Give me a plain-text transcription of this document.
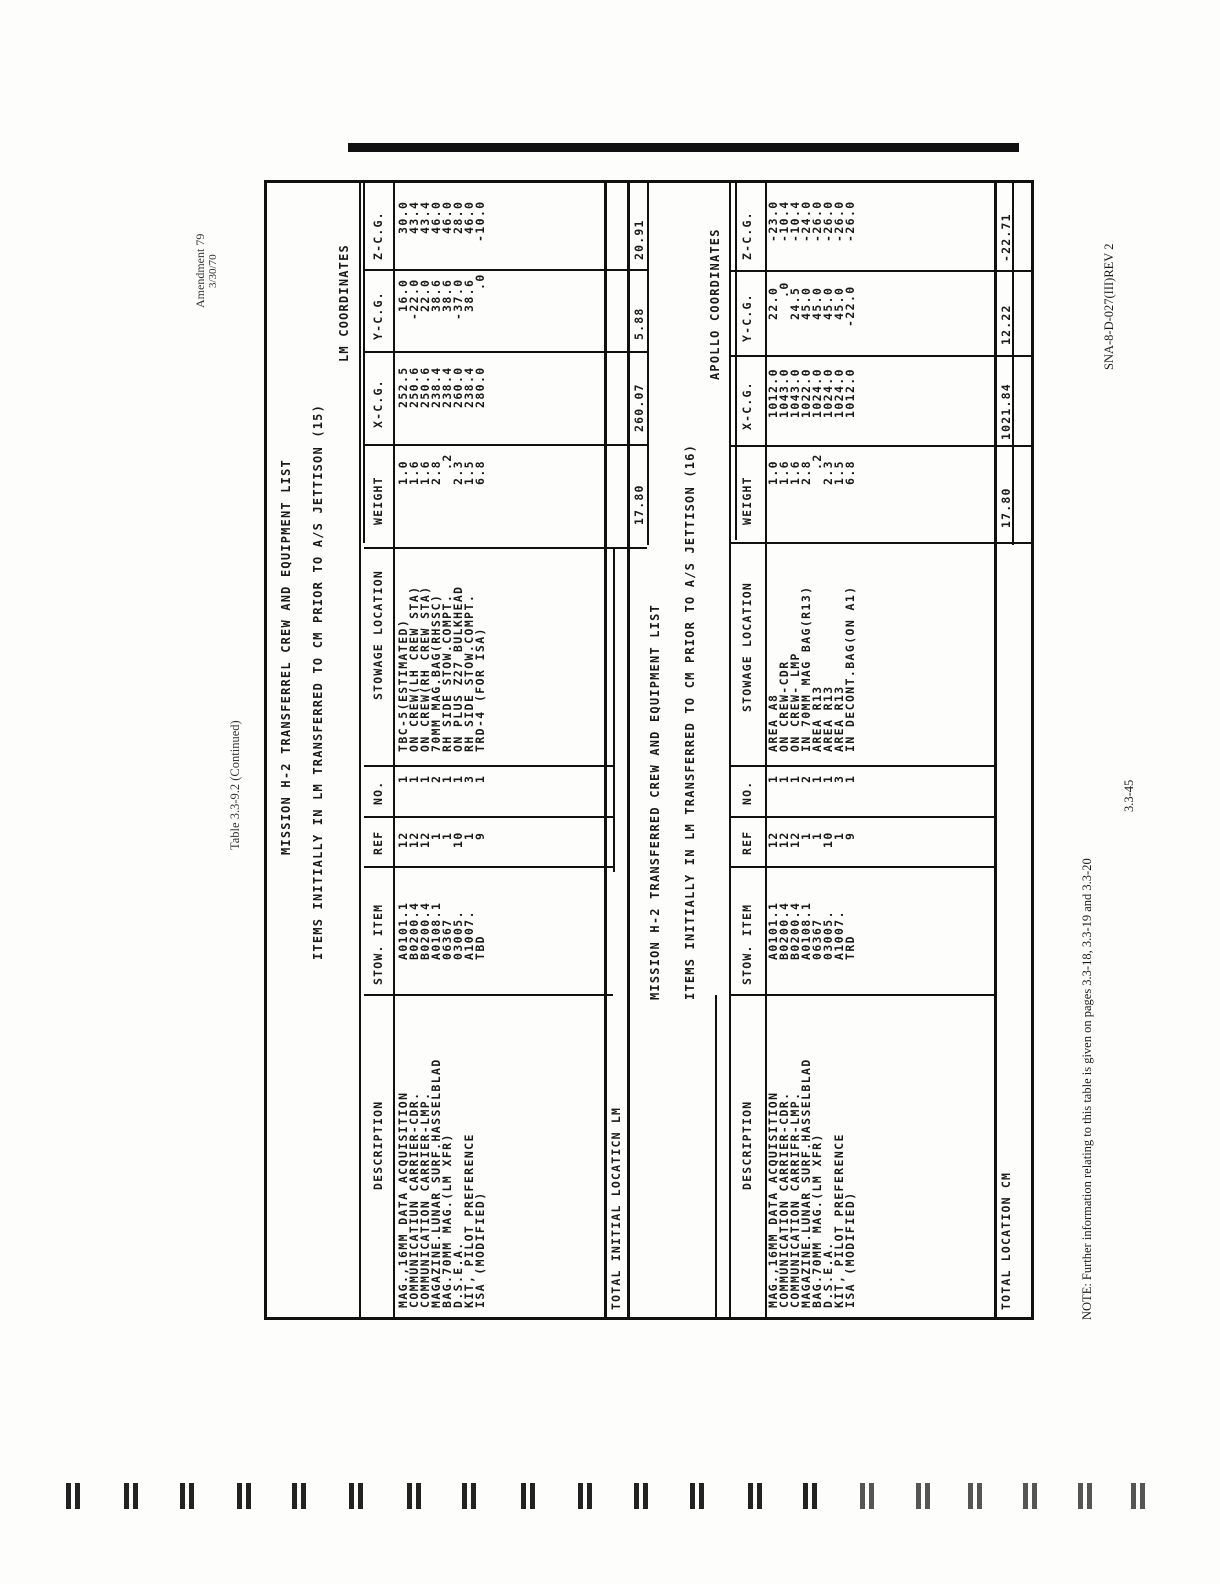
Amendment 79 3/30/70
Table 3.3-9.2 (Continued)
SNA-8-D-027(III)REV 2
3.3-45
NOTE: Further information relating to this table is given on pages 3.3-18, 3.3-19 and 3.3-20
MISSION H-2 TRANSFERREL CREW AND EQUIPMENT LIST ITEMS INITIALLY IN LM TRANSFERRED TO CM PRIOR TO A/S JETTISON (15)
LM COORDINATES
DESCRIPTION
STOW. ITEM
REF
NO.
STOWAGE LOCATION
WEIGHT
X-C.G.
Y-C.G.
Z-C.G.
MAG.,16MM DATA ACQUISITION
COMMUNICATIUN CARRIER-CDR.
COMMUNICATION CARRIER-LMP.
MAGAZINE.LUNAR SURF.HASSELBLAD
BAG.70MM MAG.(LM XFR)
D.S.E.A.
KIT, PILOT PREFERENCE
ISA (MODIFIED)
A0101.1
B0200.4
B0200.4
A0108.1
06367
03005.
A1007.
TBD
12
12
12
1
1
10
1
9
1
1
1
2
1
1
3
1
TBC-5(ESTIMATED)
ON CREW(LH CREW STA)
ON CREW(RH CREW STA)
70MM MAG.BAG(RHSSC)
RH SIDE STOW.COMPT.
ON PLUS Z27 BULKHEAD
RH SIDE STOW.COMPT.
TRD-4 (FOR ISA)
1.0
1.6
1.6
2.8
.2
2.3
1.5
6.8
252.5
250.6
250.6
238.4
238.4
260.0
238.4
280.0
16.0
-22.0
22.0
38.6
38.6
-37.0
38.6
.0
30.0
43.4
43.4
46.0
46.0
28.0
46.0
-10.0
TOTAL INITIAL LOCATICN LM
17.80
260.07
5.88
20.91
MISSION H-2 TRANSFERRED CREW AND EQUIPMENT LIST ITEMS INITIALLY IN LM TRANSFERRED TO CM PRIOR TO A/S JETTISON (16)
APOLLO COORDINATES
DESCRIPTION
STOW. ITEM
REF
NO.
STOWAGE LOCATION
WEIGHT
X-C.G.
Y-C.G.
Z-C.G.
MAG.,16MM DATA ACQUISITION
COMMUNICATION CARRIER-CDR.
COMMUNICATION CARRIFR-LMP.
MAGAZINE.LUNAR SURF.HASSELBLAD
BAG.70MM MAG.(LM XFR)
D.S.E.A.
KIT, PILOT PREFERENCE
ISA (MODIFIED)
A0101.1
B0200.4
B0200.4
A0108.1
06367
03005.
A1007.
TRD
12
12
12
1
1
10
1
9
1
1
1
2
1
1
3
1
AREA A8
ON CREW-CDR
ON CREW- LMP
IN 70MM MAG BAG(R13)
AREA R13
AREA R13
AREA R13
IN DECONT.BAG(ON A1)
1.0
1.6
1.6
2.8
.2
2.3
1.5
6.8
1012.0
1043.0
1043.0
1022.0
1024.0
1024.0
1024.0
1012.0
22.0
.0
24.5
45.0
45.0
45.0
45.0
-22.0
-23.0
-10.4
-10.4
-24.0
-26.0
-26.0
-26.0
-26.0
TOTAL LOCATION CM
17.80
1021.84
12.22
-22.71
